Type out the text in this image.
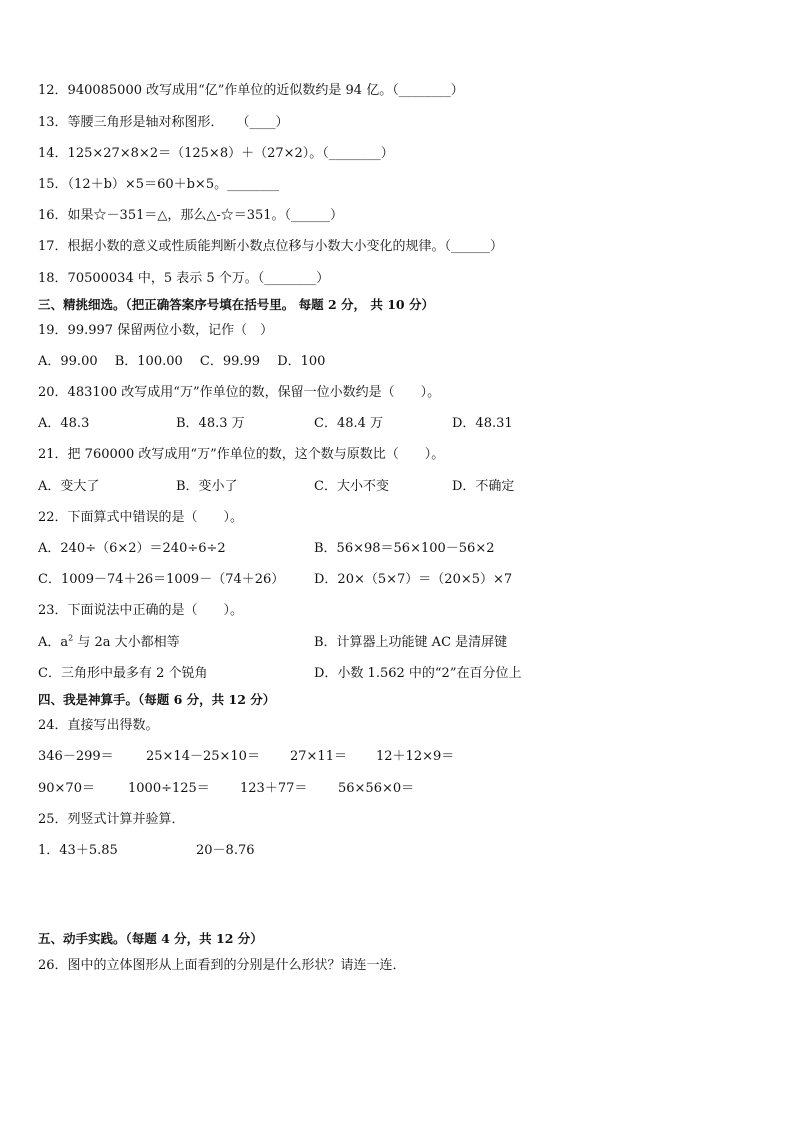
12．940085000 改写成用“亿”作单位的近似数约是 94 亿。（________）
13．等腰三角形是轴对称图形．　　（____）
14．125×27×8×2＝（125×8）＋（27×2）。（________）
15．（12＋b）×5＝60＋b×5。________
16．如果☆－351＝△，那么△-☆＝351。（______）
17．根据小数的意义或性质能判断小数点位移与小数大小变化的规律。（______）
18．70500034 中，5 表示 5 个万。（________）
三、精挑细选。（把正确答案序号填在括号里。 每题 2 分， 共 10 分）
19．99.997 保留两位小数，记作（　）
A．99.00　 B．100.00　 C．99.99　 D．100
20．483100 改写成用“万”作单位的数，保留一位小数约是（　　）。
A．48.3	B．48.3 万	C．48.4 万	D．48.31
21．把 760000 改写成用“万”作单位的数，这个数与原数比（　　）。
A．变大了	B．变小了	C．大小不变	D．不确定
22．下面算式中错误的是（　　）。
A．240÷（6×2）＝240÷6÷2	B．56×98＝56×100－56×2
C．1009－74＋26＝1009－（74＋26） D．20×（5×7）＝（20×5）×7
23．下面说法中正确的是（　　）。
A．$a^2$ 与 2a 大小都相等	B．计算器上功能键 AC 是清屏键
C．三角形中最多有 2 个锐角	D．小数 1.562 中的“2”在百分位上
四、我是神算手。（每题 6 分，共 12 分）
24．直接写出得数。
346－299＝ 25×14－25×10＝ 27×11＝ 12＋12×9＝
90×70＝	1000÷125＝ 123＋77＝ 56×56×0＝
25．列竖式计算并验算．
1．43＋5.85	20－8.76
五、动手实践。（每题 4 分，共 12 分）
26．图中的立体图形从上面看到的分别是什么形状？请连一连．
